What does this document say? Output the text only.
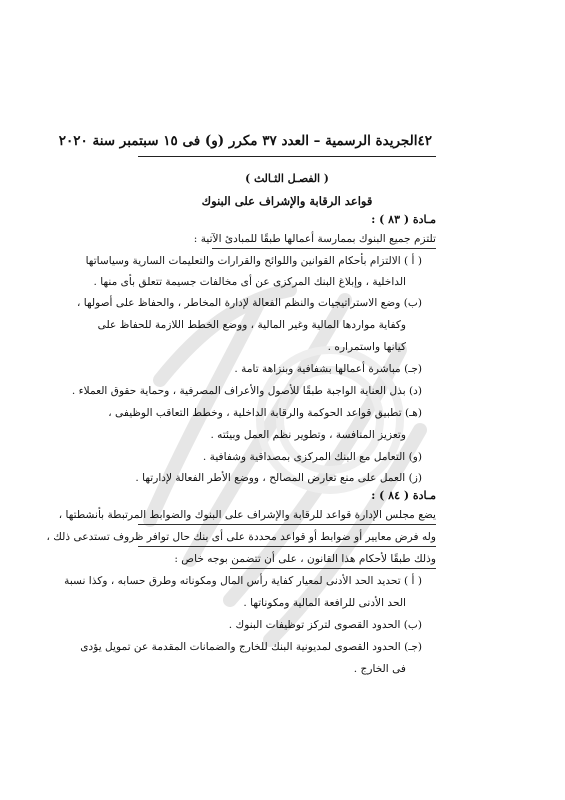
٤٢
الجريدة الرسمية – العدد ٣٧ مكرر (و) فى ١٥ سبتمبر سنة ٢٠٢٠
( الفصـل الثـالث )
قواعد الرقابة والإشراف على البنوك
مـادة ( ٨٣ ) :
تلتزم جميع البنوك بممارسة أعمالها طبقًا للمبادئ الآتية :
( أ ) الالتزام بأحكام القوانين واللوائح والقرارات والتعليمات السارية وسياساتها
الداخلية ، وإبلاغ البنك المركزى عن أى مخالفات جسيمة تتعلق بأى منها .
(ب) وضع الاستراتيجيات والنظم الفعالة لإدارة المخاطر ، والحفاظ على أصولها ،
وكفاية مواردها المالية وغير المالية ، ووضع الخطط اللازمة للحفاظ على
كيانها واستمراره .
(جـ) مباشرة أعمالها بشفافية وبنزاهة تامة .
(د) بذل العناية الواجبة طبقًا للأصول والأعراف المصرفية ، وحماية حقوق العملاء .
(هـ) تطبيق قواعد الحوكمة والرقابة الداخلية ، وخطط التعاقب الوظيفى ،
وتعزيز المنافسة ، وتطوير نظم العمل وبيئته .
(و) التعامل مع البنك المركزى بمصداقية وشفافية .
(ز) العمل على منع تعارض المصالح ، ووضع الأطر الفعالة لإدارتها .
مـادة ( ٨٤ ) :
يضع مجلس الإدارة قواعد للرقابة والإشراف على البنوك والضوابط المرتبطة بأنشطتها ،
وله فرض معايير أو ضوابط أو قواعد محددة على أى بنك حال توافر ظروف تستدعى ذلك ،
وذلك طبقًا لأحكام هذا القانون ، على أن تتضمن بوجه خاص :
( أ ) تحديد الحد الأدنى لمعيار كفاية رأس المال ومكوناته وطرق حسابه ، وكذا نسبة
الحد الأدنى للرافعة المالية ومكوناتها .
(ب) الحدود القصوى لتركز توظيفات البنوك .
(جـ) الحدود القصوى لمديونية البنك للخارج والضمانات المقدمة عن تمويل يؤدى
فى الخارج .
